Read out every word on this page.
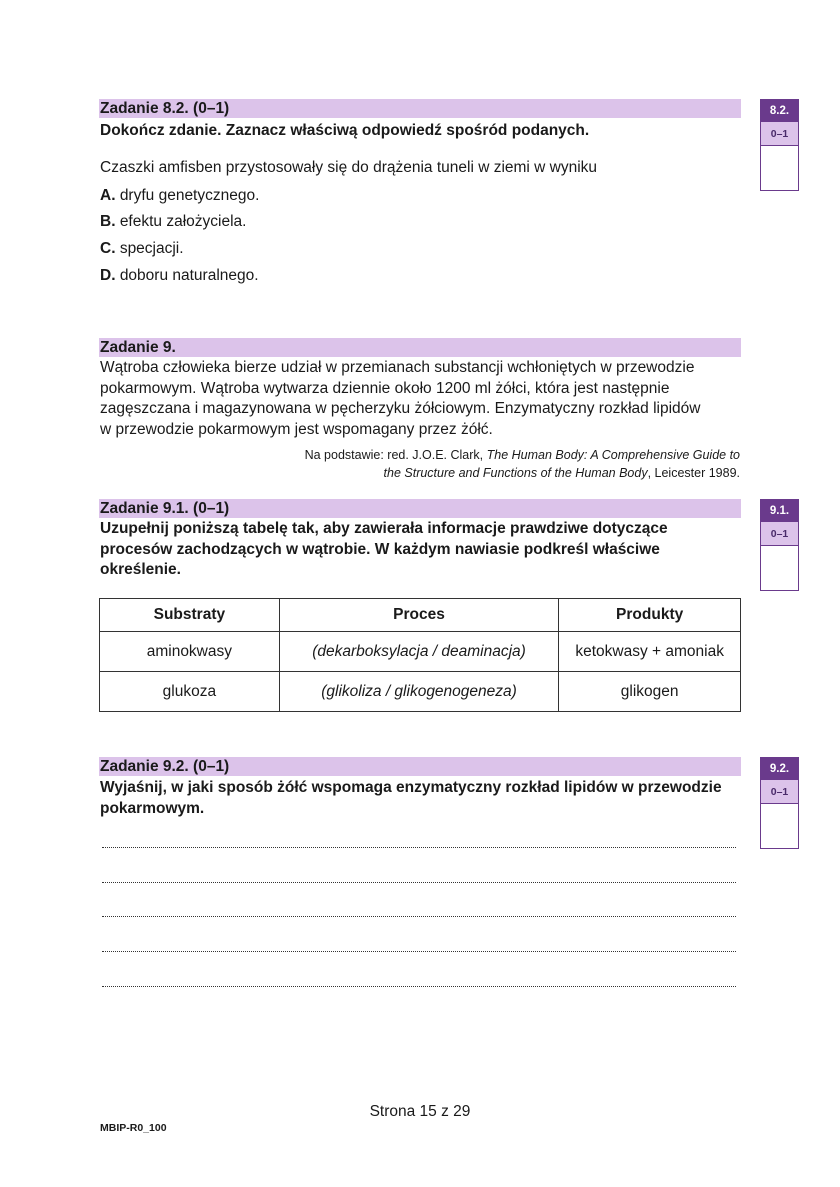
Zadanie 8.2. (0–1)
Dokończ zdanie. Zaznacz właściwą odpowiedź spośród podanych.
Czaszki amfisben przystosowały się do drążenia tuneli w ziemi w wyniku
A. dryfu genetycznego.
B. efektu założyciela.
C. specjacji.
D. doboru naturalnego.
8.2.
0–1
Zadanie 9.
Wątroba człowieka bierze udział w przemianach substancji wchłoniętych w przewodzie
pokarmowym. Wątroba wytwarza dziennie około 1200 ml żółci, która jest następnie
zagęszczana i magazynowana w pęcherzyku żółciowym. Enzymatyczny rozkład lipidów
w przewodzie pokarmowym jest wspomagany przez żółć.
Na podstawie: red. J.O.E. Clark, The Human Body: A Comprehensive Guide to
the Structure and Functions of the Human Body, Leicester 1989.
Zadanie 9.1. (0–1)
Uzupełnij poniższą tabelę tak, aby zawierała informacje prawdziwe dotyczące
procesów zachodzących w wątrobie. W każdym nawiasie podkreśl właściwe
określenie.
9.1.
0–1
Substraty	Proces	Produkty
aminokwasy	(dekarboksylacja / deaminacja)	ketokwasy + amoniak
glukoza	(glikoliza / glikogenogeneza)	glikogen
Zadanie 9.2. (0–1)
Wyjaśnij, w jaki sposób żółć wspomaga enzymatyczny rozkład lipidów w przewodzie
pokarmowym.
9.2.
0–1
Strona 15 z 29
MBIP-R0_100
